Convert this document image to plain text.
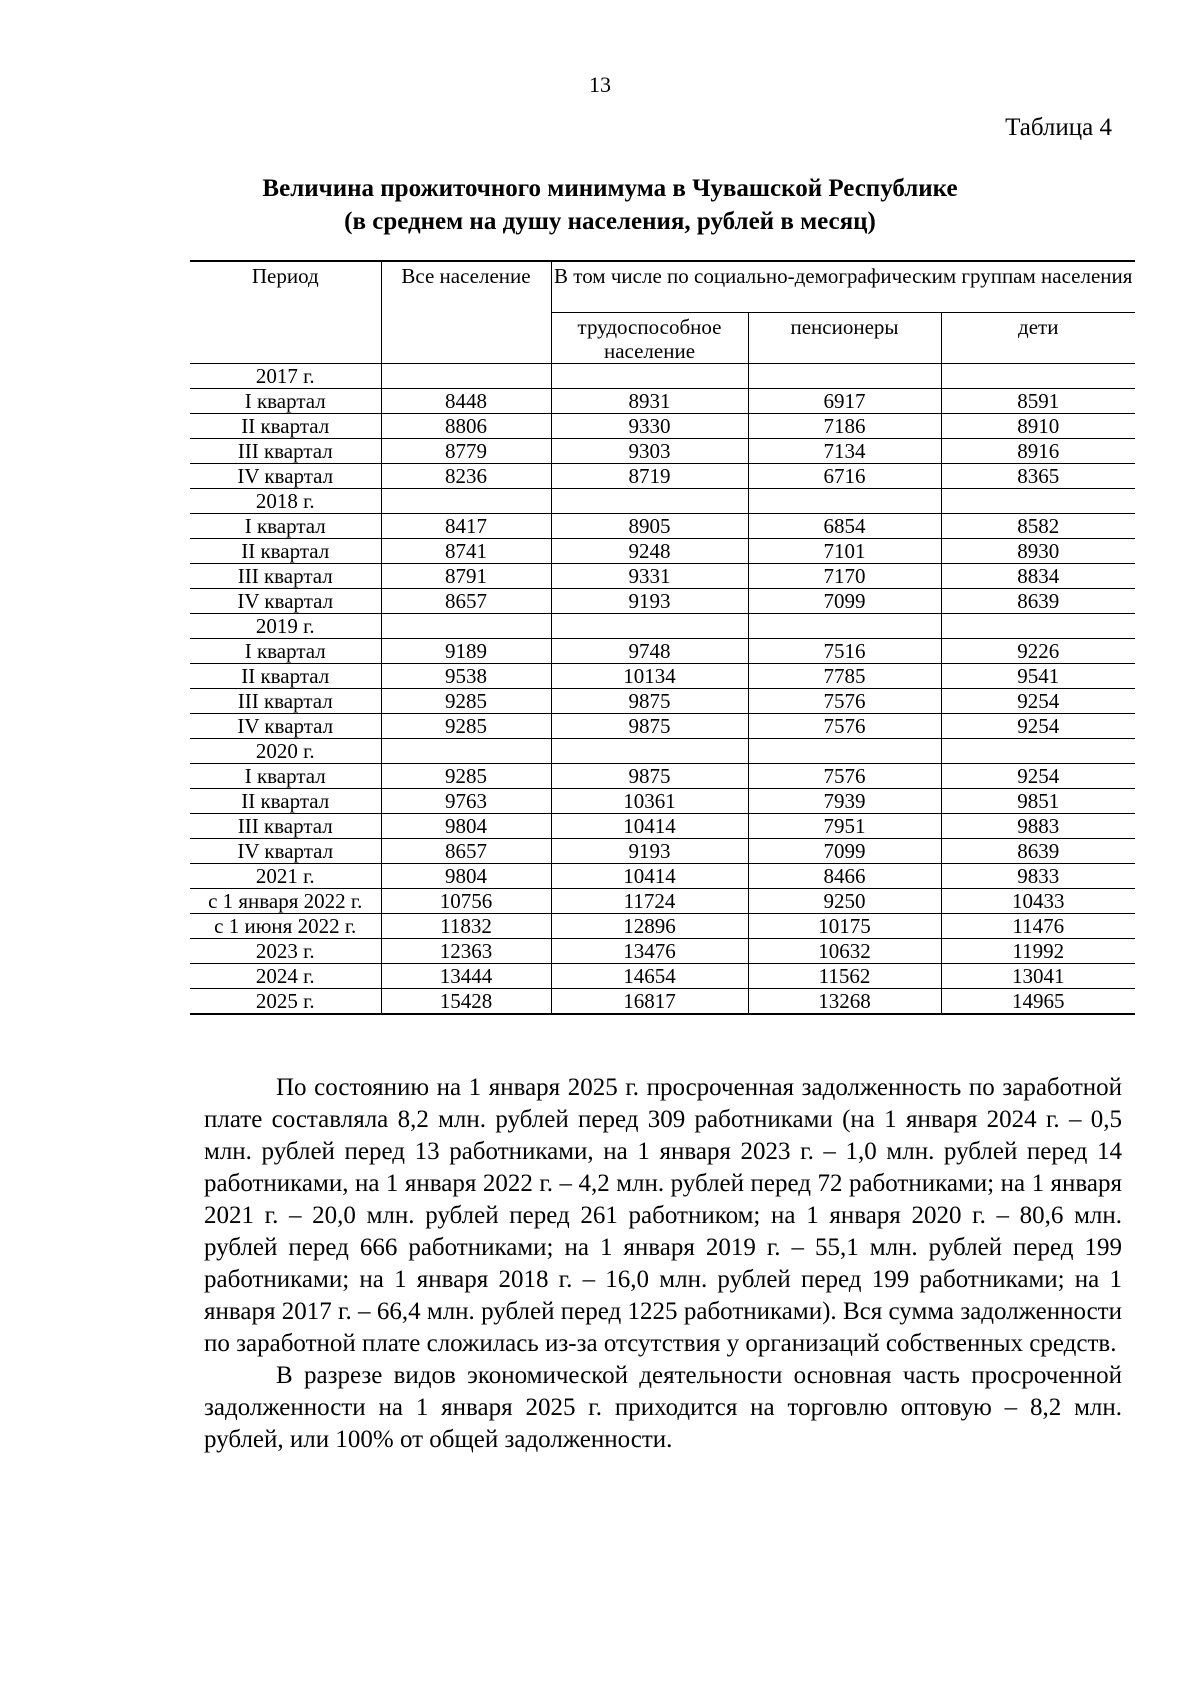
13
Таблица 4
Величина прожиточного минимума в Чувашской Республике
(в среднем на душу населения, рублей в месяц)
Период	Все население	В том числе по социально-демографическим группам населения		
		трудоспособное население	пенсионеры	дети
2017 г.				
I квартал	8448	8931	6917	8591
II квартал	8806	9330	7186	8910
III квартал	8779	9303	7134	8916
IV квартал	8236	8719	6716	8365
2018 г.				
I квартал	8417	8905	6854	8582
II квартал	8741	9248	7101	8930
III квартал	8791	9331	7170	8834
IV квартал	8657	9193	7099	8639
2019 г.				
I квартал	9189	9748	7516	9226
II квартал	9538	10134	7785	9541
III квартал	9285	9875	7576	9254
IV квартал	9285	9875	7576	9254
2020 г.				
I квартал	9285	9875	7576	9254
II квартал	9763	10361	7939	9851
III квартал	9804	10414	7951	9883
IV квартал	8657	9193	7099	8639
2021 г.	9804	10414	8466	9833
с 1 января 2022 г.	10756	11724	9250	10433
с 1 июня 2022 г.	11832	12896	10175	11476
2023 г.	12363	13476	10632	11992
2024 г.	13444	14654	11562	13041
2025 г.	15428	16817	13268	14965

По состоянию на 1 января 2025 г. просроченная задолженность по заработной плате составляла 8,2 млн. рублей перед 309 работниками (на 1 января 2024 г. – 0,5 млн. рублей перед 13 работниками, на 1 января 2023 г. – 1,0 млн. рублей перед 14 работниками, на 1 января 2022 г. – 4,2 млн. рублей перед 72 работниками; на 1 января 2021 г. – 20,0 млн. рублей перед 261 работником; на 1 января 2020 г. – 80,6 млн. рублей перед 666 работниками; на 1 января 2019 г. – 55,1 млн. рублей перед 199 работниками; на 1 января 2018 г. – 16,0 млн. рублей перед 199 работниками; на 1 января 2017 г. – 66,4 млн. рублей перед 1225 работниками). Вся сумма задолженности по заработной плате сложилась из-за отсутствия у организаций собственных средств.

В разрезе видов экономической деятельности основная часть просроченной задолженности на 1 января 2025 г. приходится на торговлю оптовую – 8,2 млн. рублей, или 100% от общей задолженности.
